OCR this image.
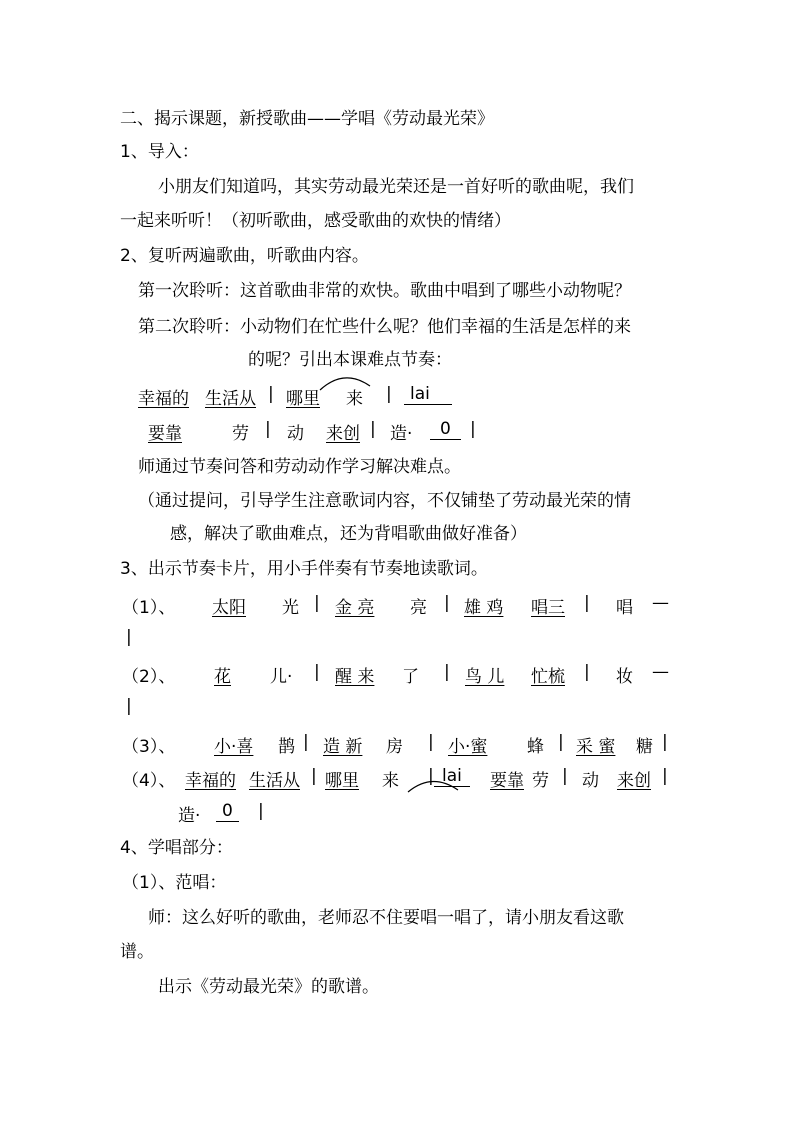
二、揭示课题，新授歌曲——学唱《劳动最光荣》
1、导入：
小朋友们知道吗，其实劳动最光荣还是一首好听的歌曲呢，我们
一起来听听！（初听歌曲，感受歌曲的欢快的情绪）
2、复听两遍歌曲，听歌曲内容。
第一次聆听：这首歌曲非常的欢快。歌曲中唱到了哪些小动物呢？
第二次聆听：小动物们在忙些什么呢？他们幸福的生活是怎样的来
的呢？引出本课难点节奏：
幸福的 生活从 | 哪里 来 |	lai
要靠	劳 | 动 来创 | 造·	0	|
师通过节奏问答和劳动动作学习解决难点。
（通过提问，引导学生注意歌词内容，不仅铺垫了劳动最光荣的情
感，解决了歌曲难点，还为背唱歌曲做好准备）
3、出示节奏卡片，用小手伴奏有节奏地读歌词。
（1）、 太阳 光 | 金 亮 亮 | 雄 鸡 唱三 | 唱 —
|
（2）、 花 儿· | 醒 来 了 | 鸟 儿 忙梳 | 妆 —
|
（3）、 小·喜 鹊 | 造 新 房 | 小·蜜 蜂 | 采 蜜 糖 |
（4）、 幸福的 生活从 | 哪里 来 | lai	要靠 劳 | 动 来创 |
造·	0	|
4、学唱部分：
（1）、范唱：
师：这么好听的歌曲，老师忍不住要唱一唱了，请小朋友看这歌
谱。
出示《劳动最光荣》的歌谱。
